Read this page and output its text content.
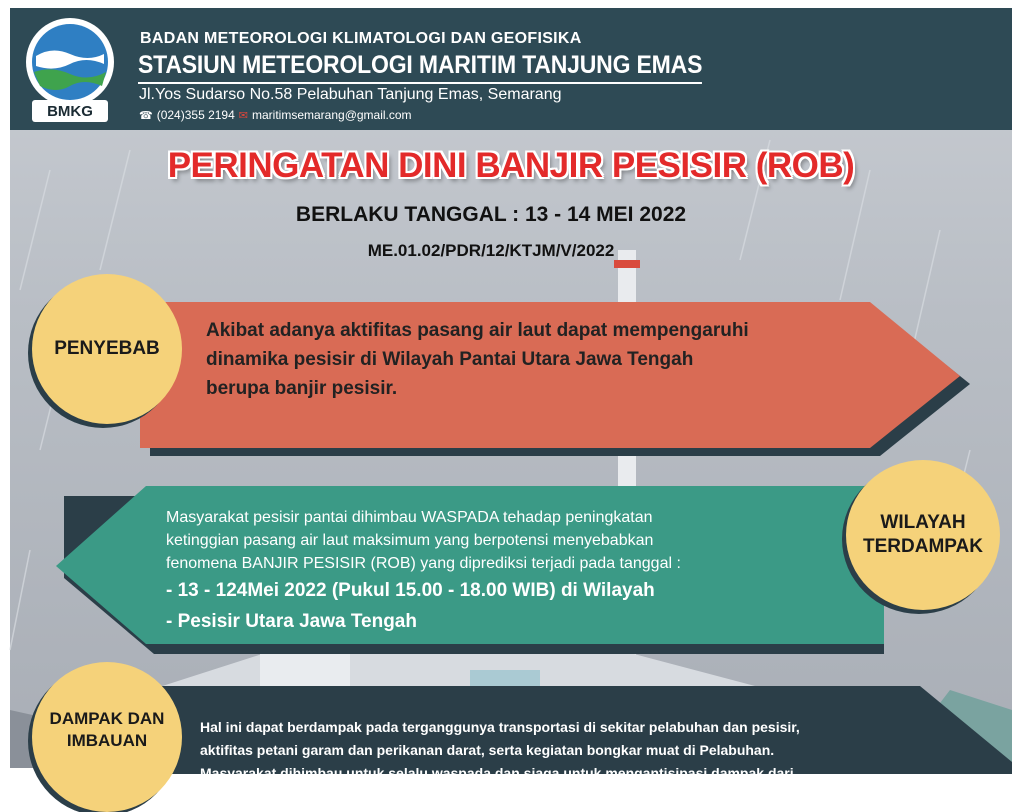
BMKG
BADAN METEOROLOGI KLIMATOLOGI DAN GEOFISIKA
STASIUN METEOROLOGI MARITIM TANJUNG EMAS
Jl.Yos Sudarso No.58 Pelabuhan Tanjung Emas, Semarang
☎ (024)355 2194 ✉ maritimsemarang@gmail.com
PERINGATAN DINI BANJIR PESISIR (ROB)
BERLAKU TANGGAL : 13 - 14 MEI 2022
ME.01.02/PDR/12/KTJM/V/2022
PENYEBAB
Akibat adanya aktifitas pasang air laut dapat mempengaruhi
dinamika pesisir di Wilayah Pantai Utara Jawa Tengah
berupa banjir pesisir.
WILAYAH
TERDAMPAK
Masyarakat pesisir pantai dihimbau WASPADA tehadap peningkatan
ketinggian pasang air laut maksimum yang berpotensi menyebabkan
fenomena BANJIR PESISIR (ROB) yang diprediksi terjadi pada tanggal :
- 13 - 124Mei 2022 (Pukul 15.00 - 18.00 WIB) di Wilayah
- Pesisir Utara Jawa Tengah
DAMPAK DAN
IMBAUAN
Hal ini dapat berdampak pada terganggunya transportasi di sekitar pelabuhan dan pesisir,
aktifitas petani garam dan perikanan darat, serta kegiatan bongkar muat di Pelabuhan.
Masyarakat dihimbau untuk selalu waspada dan siaga untuk mengantisipasi dampak dari
